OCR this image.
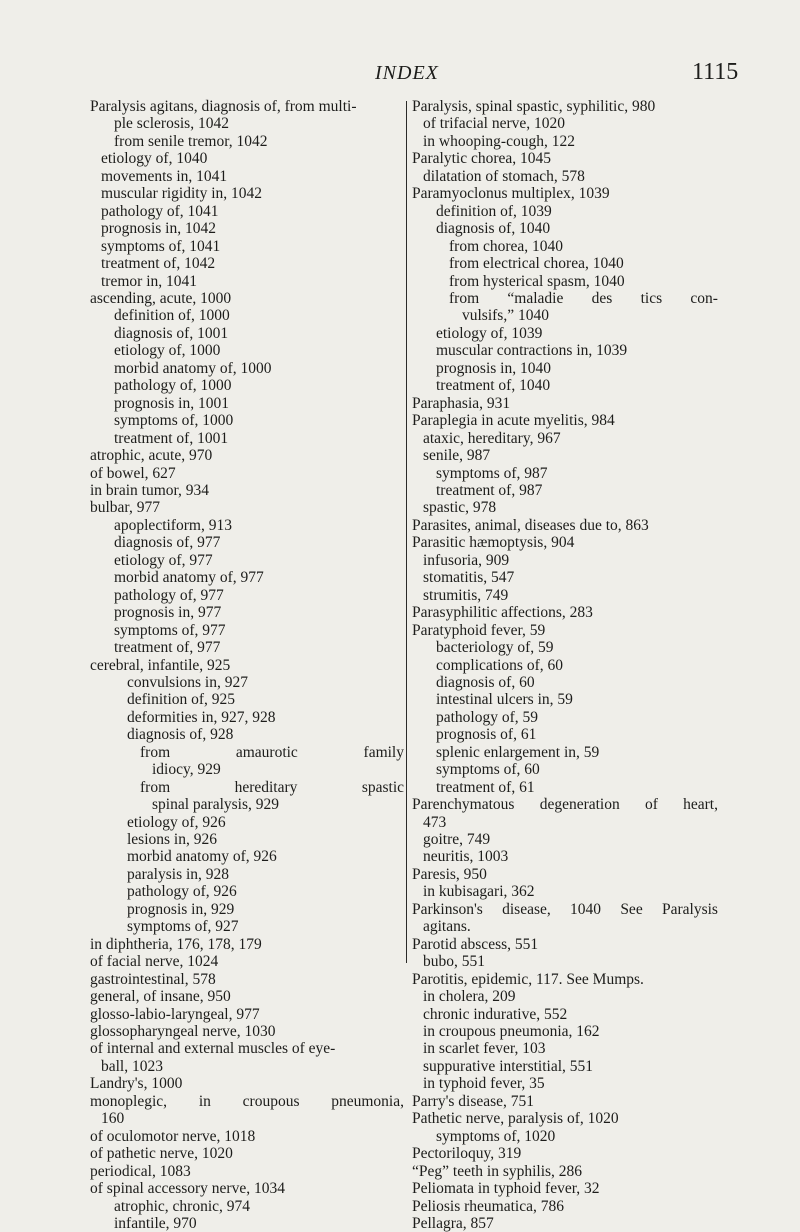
INDEX	1115
Paralysis agitans, diagnosis of, from multi-
ple sclerosis, 1042
from senile tremor, 1042
etiology of, 1040
movements in, 1041
muscular rigidity in, 1042
pathology of, 1041
prognosis in, 1042
symptoms of, 1041
treatment of, 1042
tremor in, 1041
ascending, acute, 1000
definition of, 1000
diagnosis of, 1001
etiology of, 1000
morbid anatomy of, 1000
pathology of, 1000
prognosis in, 1001
symptoms of, 1000
treatment of, 1001
atrophic, acute, 970
of bowel, 627
in brain tumor, 934
bulbar, 977
apoplectiform, 913
diagnosis of, 977
etiology of, 977
morbid anatomy of, 977
pathology of, 977
prognosis in, 977
symptoms of, 977
treatment of, 977
cerebral, infantile, 925
convulsions in, 927
definition of, 925
deformities in, 927, 928
diagnosis of, 928
from	amaurotic	family
idiocy, 929
from	hereditary	spastic
spinal paralysis, 929
etiology of, 926
lesions in, 926
morbid anatomy of, 926
paralysis in, 928
pathology of, 926
prognosis in, 929
symptoms of, 927
in diphtheria, 176, 178, 179
of facial nerve, 1024
gastrointestinal, 578
general, of insane, 950
glosso-labio-laryngeal, 977
glossopharyngeal nerve, 1030
of internal and external muscles of eye-
ball, 1023
Landry's, 1000
monoplegic, in croupous pneumonia,
160
of oculomotor nerve, 1018
of pathetic nerve, 1020
periodical, 1083
of spinal accessory nerve, 1034
atrophic, chronic, 974
infantile, 970
Paralysis, spinal spastic, syphilitic, 980
of trifacial nerve, 1020
in whooping-cough, 122
Paralytic chorea, 1045
dilatation of stomach, 578
Paramyoclonus multiplex, 1039
definition of, 1039
diagnosis of, 1040
from chorea, 1040
from electrical chorea, 1040
from hysterical spasm, 1040
from “maladie des tics con-
vulsifs,” 1040
etiology of, 1039
muscular contractions in, 1039
prognosis in, 1040
treatment of, 1040
Paraphasia, 931
Paraplegia in acute myelitis, 984
ataxic, hereditary, 967
senile, 987
symptoms of, 987
treatment of, 987
spastic, 978
Parasites, animal, diseases due to, 863
Parasitic hæmoptysis, 904
infusoria, 909
stomatitis, 547
strumitis, 749
Parasyphilitic affections, 283
Paratyphoid fever, 59
bacteriology of, 59
complications of, 60
diagnosis of, 60
intestinal ulcers in, 59
pathology of, 59
prognosis of, 61
splenic enlargement in, 59
symptoms of, 60
treatment of, 61
Parenchymatous degeneration of heart,
473
goitre, 749
neuritis, 1003
Paresis, 950
in kubisagari, 362
Parkinson's disease, 1040 See Paralysis
agitans.
Parotid abscess, 551
bubo, 551
Parotitis, epidemic, 117. See Mumps.
in cholera, 209
chronic indurative, 552
in croupous pneumonia, 162
in scarlet fever, 103
suppurative interstitial, 551
in typhoid fever, 35
Parry's disease, 751
Pathetic nerve, paralysis of, 1020
symptoms of, 1020
Pectoriloquy, 319
“Peg” teeth in syphilis, 286
Peliomata in typhoid fever, 32
Peliosis rheumatica, 786
Pellagra, 857
